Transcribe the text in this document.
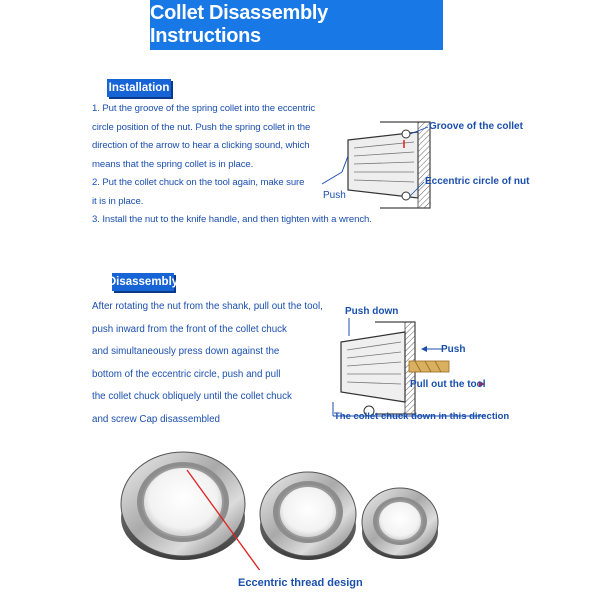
Collet Disassembly Instructions
Installation
1. Put the groove of the spring collet into the eccentric
circle position of the nut. Push the spring collet in the
direction of the arrow to hear a clicking sound, which
means that the spring collet is in place.
2. Put the collet chuck on the tool again, make sure
it is in place.
3. Install the nut to the knife handle, and then tighten with a wrench.
Groove of the collet
Push
Eccentric circle of nut
Disassembly
After rotating the nut from the shank, pull out the tool,
push inward from the front of the collet chuck
and simultaneously press down against the
bottom of the eccentric circle, push and pull
the collet chuck obliquely until the collet chuck
and screw Cap disassembled
Push down
Push
Pull out the tool
The collet chuck down in this direction
Eccentric thread design
